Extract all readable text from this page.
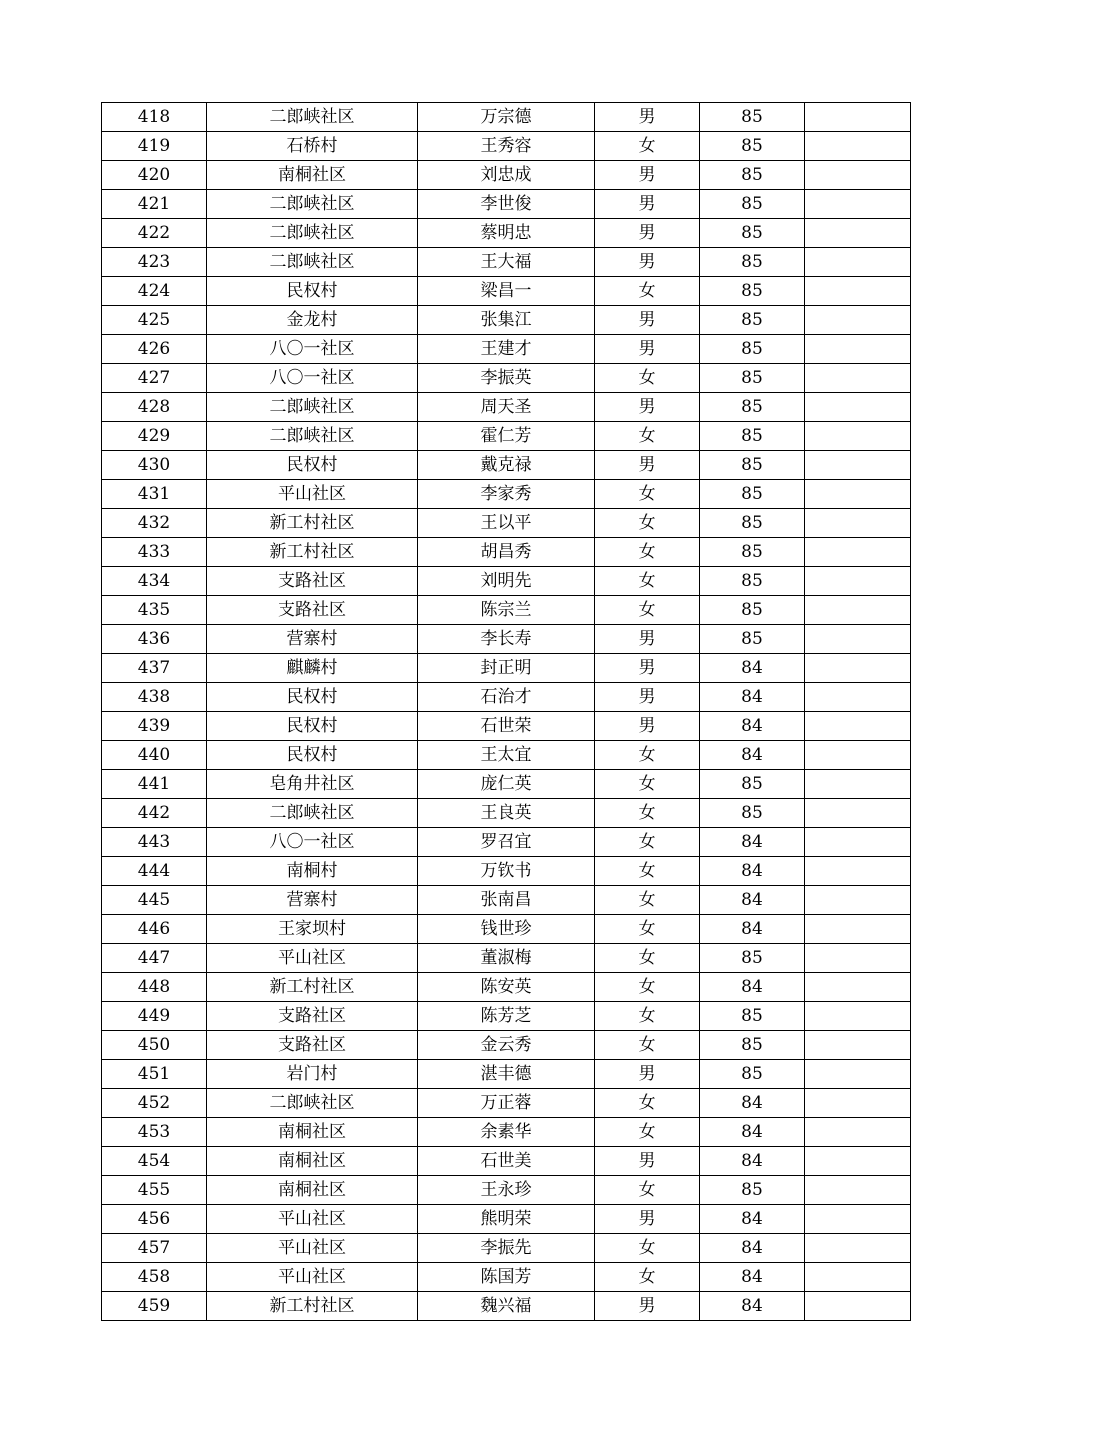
418	二郎峡社区	万宗德	男	85	
419	石桥村	王秀容	女	85	
420	南桐社区	刘忠成	男	85	
421	二郎峡社区	李世俊	男	85	
422	二郎峡社区	蔡明忠	男	85	
423	二郎峡社区	王大福	男	85	
424	民权村	梁昌一	女	85	
425	金龙村	张集江	男	85	
426	八〇一社区	王建才	男	85	
427	八〇一社区	李振英	女	85	
428	二郎峡社区	周天圣	男	85	
429	二郎峡社区	霍仁芳	女	85	
430	民权村	戴克禄	男	85	
431	平山社区	李家秀	女	85	
432	新工村社区	王以平	女	85	
433	新工村社区	胡昌秀	女	85	
434	支路社区	刘明先	女	85	
435	支路社区	陈宗兰	女	85	
436	营寨村	李长寿	男	85	
437	麒麟村	封正明	男	84	
438	民权村	石治才	男	84	
439	民权村	石世荣	男	84	
440	民权村	王太宜	女	84	
441	皂角井社区	庞仁英	女	85	
442	二郎峡社区	王良英	女	85	
443	八〇一社区	罗召宜	女	84	
444	南桐村	万钦书	女	84	
445	营寨村	张南昌	女	84	
446	王家坝村	钱世珍	女	84	
447	平山社区	董淑梅	女	85	
448	新工村社区	陈安英	女	84	
449	支路社区	陈芳芝	女	85	
450	支路社区	金云秀	女	85	
451	岩门村	湛丰德	男	85	
452	二郎峡社区	万正蓉	女	84	
453	南桐社区	余素华	女	84	
454	南桐社区	石世美	男	84	
455	南桐社区	王永珍	女	85	
456	平山社区	熊明荣	男	84	
457	平山社区	李振先	女	84	
458	平山社区	陈国芳	女	84	
459	新工村社区	魏兴福	男	84	
